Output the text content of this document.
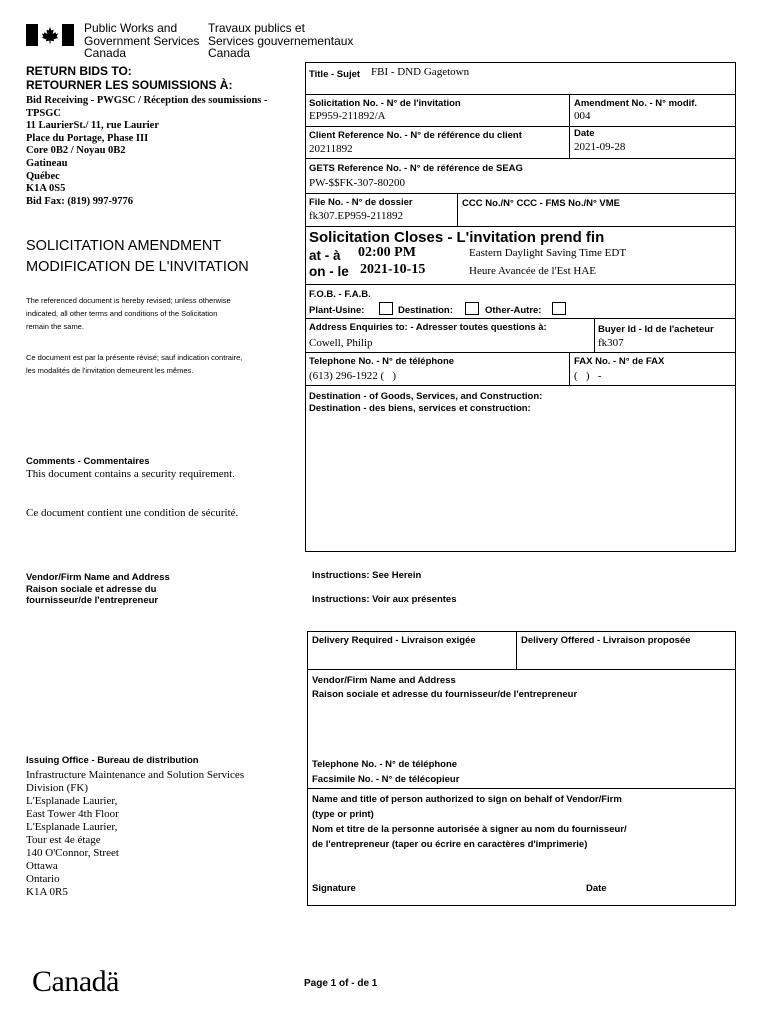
Public Works and
Government Services
Canada
Travaux publics et
Services gouvernementaux
Canada
RETURN BIDS TO:
RETOURNER LES SOUMISSIONS À:
Bid Receiving - PWGSC / Réception des soumissions -
TPSGC
11 LaurierSt./ 11, rue Laurier
Place du Portage, Phase III
Core 0B2 / Noyau 0B2
Gatineau
Québec
K1A 0S5
Bid Fax: (819) 997-9776
SOLICITATION AMENDMENT
MODIFICATION DE L'INVITATION
The referenced document is hereby revised; unless otherwise
indicated, all other terms and conditions of the Solicitation
remain the same.
Ce document est par la présente révisé; sauf indication contraire,
les modalités de l'invitation demeurent les mêmes.
Comments - Commentaires
This document contains a security requirement.
Ce document contient une condition de sécurité.
Vendor/Firm Name and Address
Raison sociale et adresse du
fournisseur/de l'entrepreneur
Issuing Office - Bureau de distribution
Infrastructure Maintenance and Solution Services
Division (FK)
L'Esplanade Laurier,
East Tower 4th Floor
L'Esplanade Laurier,
Tour est 4e étage
140 O'Connor, Street
Ottawa
Ontario
K1A 0R5
Title - Sujet FBI - DND Gagetown
Solicitation No. - N° de l'invitation
EP959-211892/A
Amendment No. - N° modif.
004
Client Reference No. - N° de référence du client
20211892
Date
2021-09-28
GETS Reference No. - N° de référence de SEAG
PW-$$FK-307-80200
File No. - N° de dossier
fk307.EP959-211892
CCC No./N° CCC - FMS No./N° VME
Solicitation Closes - L'invitation prend fin
at - à 02:00 PM	Eastern Daylight Saving Time EDT
on - le 2021-10-15	Heure Avancée de l'Est HAE
F.O.B. - F.A.B.
Plant-Usine:	Destination:	Other-Autre:
Address Enquiries to: - Adresser toutes questions à:
Cowell, Philip
Buyer Id - Id de l'acheteur
fk307
Telephone No. - N° de téléphone
(613) 296-1922 (   )
FAX No. - N° de FAX
(   )   -
Destination - of Goods, Services, and Construction:
Destination - des biens, services et construction:
Instructions: See Herein
Instructions: Voir aux présentes
Delivery Required - Livraison exigée	Delivery Offered - Livraison proposée
Vendor/Firm Name and Address
Raison sociale et adresse du fournisseur/de l'entrepreneur
Telephone No. - N° de téléphone
Facsimile No. - N° de télécopieur
Name and title of person authorized to sign on behalf of Vendor/Firm
(type or print)
Nom et titre de la personne autorisée à signer au nom du fournisseur/
de l'entrepreneur (taper ou écrire en caractères d'imprimerie)
Signature	Date
Canadä	Page 1 of - de 1
